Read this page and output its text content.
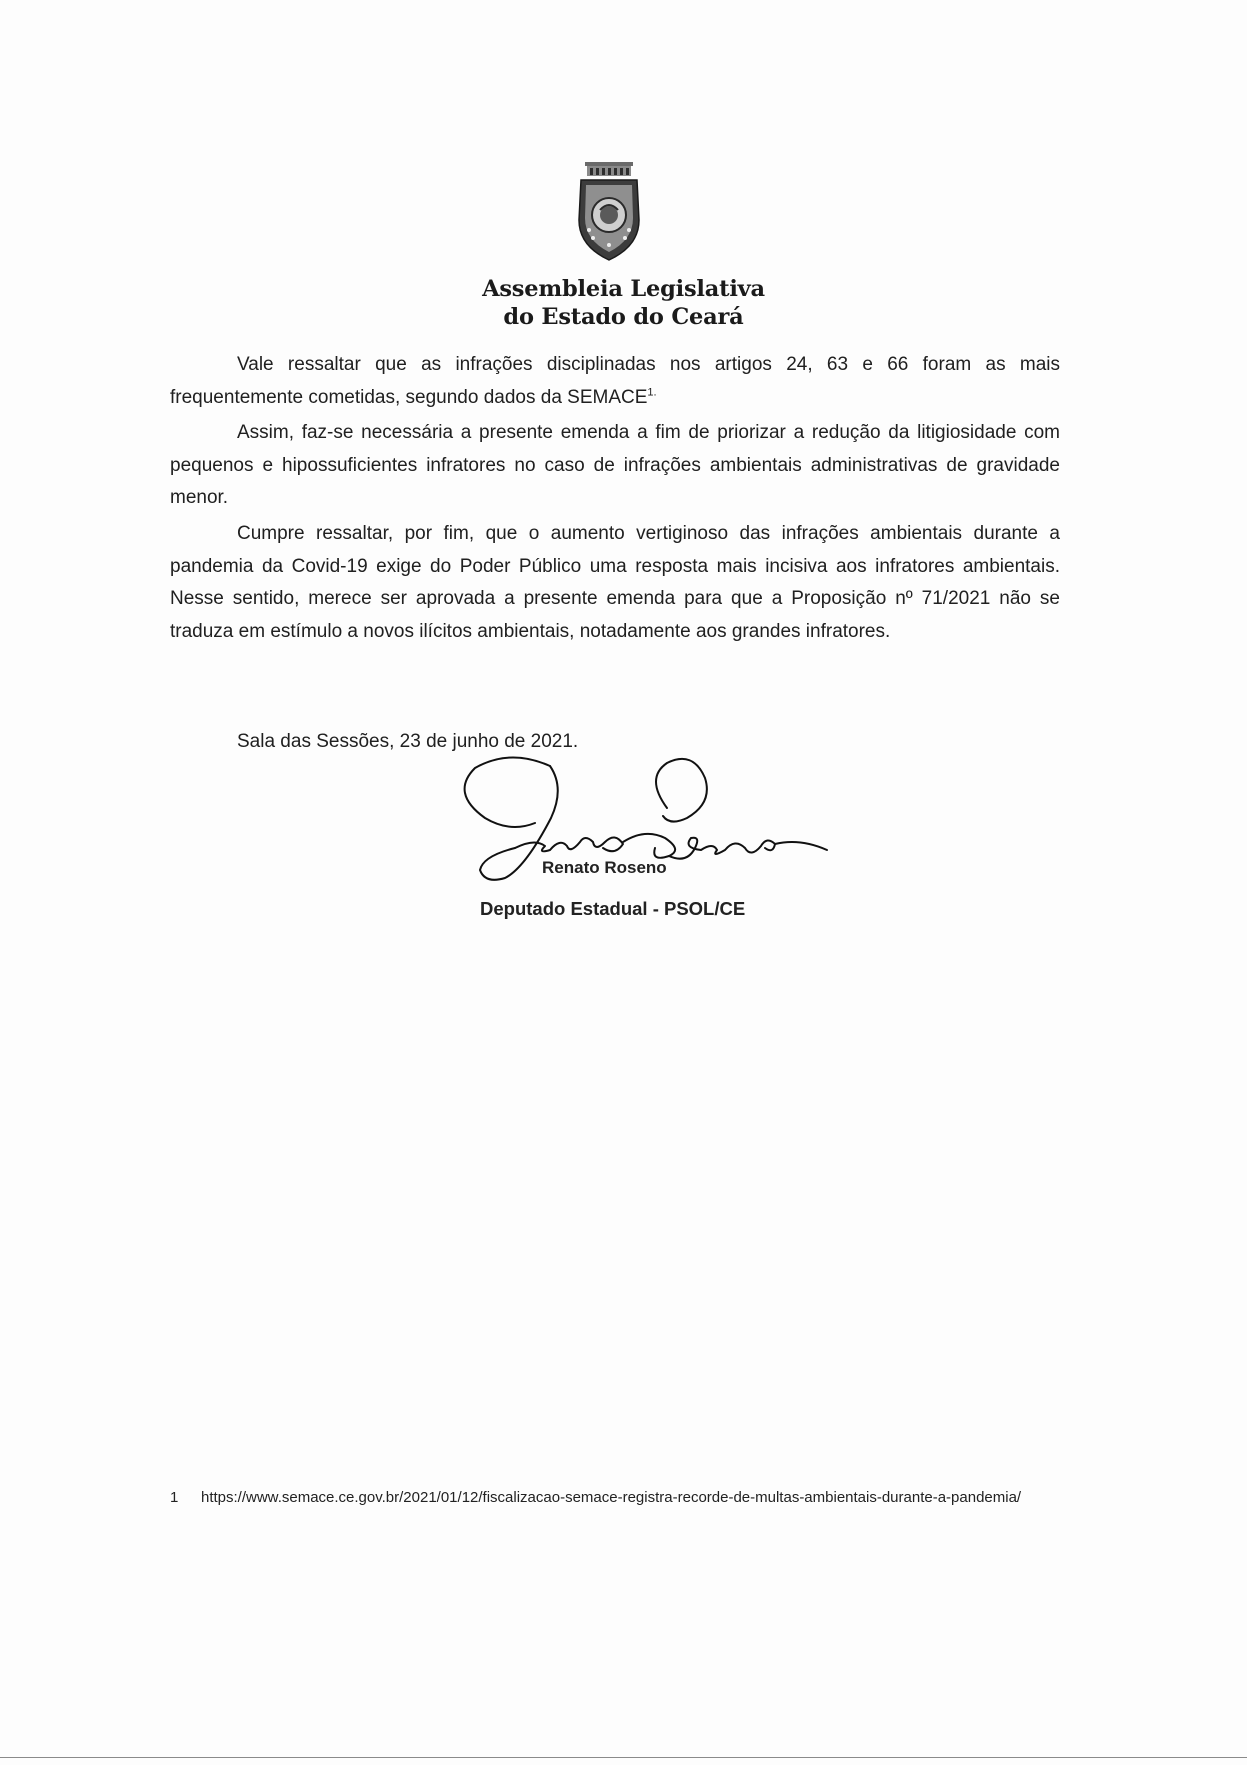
Assembleia Legislativa

do Estado do Ceará

Vale ressaltar que as infrações disciplinadas nos artigos 24, 63 e 66 foram as mais frequentemente cometidas, segundo dados da $SEMACE^{1.}$

Assim, faz-se necessária a presente emenda a fim de priorizar a redução da litigiosidade com pequenos e hipossuficientes infratores no caso de infrações ambientais administrativas de gravidade menor.

Cumpre ressaltar, por fim, que o aumento vertiginoso das infrações ambientais durante a pandemia da Covid-19 exige do Poder Público uma resposta mais incisiva aos infratores ambientais. Nesse sentido, merece ser aprovada a presente emenda para que a Proposição nº 71/2021 não se traduza em estímulo a novos ilícitos ambientais, notadamente aos grandes infratores.

Sala das Sessões, 23 de junho de 2021.

Renato Roseno

Deputado Estadual - PSOL/CE

1 https://www.semace.ce.gov.br/2021/01/12/fiscalizacao-semace-registra-recorde-de-multas-ambientais-durante-a-pandemia/
